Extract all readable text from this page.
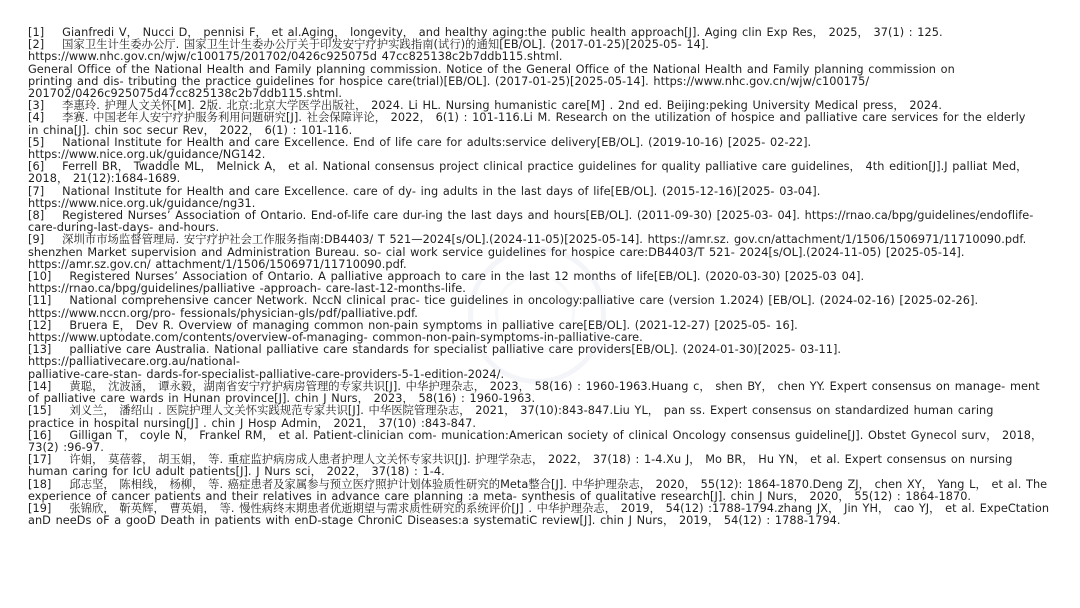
[1] Gianfredi V， Nucci D， pennisi F， et al.Aging， longevity， and healthy aging:the public health approach[J]. Aging clin Exp Res， 2025， 37(1) : 125.

[2] 国家卫生计生委办公厅. 国家卫生计生委办公厅关于印发安宁疗护实践指南(试行)的通知[EB/OL]. (2017-01-25)[2025-05- 14].

https://www.nhc.gov.cn/wjw/c100175/201702/0426c925075d 47cc825138c2b7ddb115.shtml.

General Office of the National Health and Family planning commission. Notice of the General Office of the National Health and Family planning commission on

printing and dis- tributing the practice guidelines for hospice care(trial)[EB/OL]. (2017-01-25)[2025-05-14]. https://www.nhc.gov.cn/wjw/c100175/

201702/0426c925075d47cc825138c2b7ddb115.shtml.

[3] 李惠玲. 护理人文关怀[M]. 2版. 北京:北京大学医学出版社， 2024. Li HL. Nursing humanistic care[M] . 2nd ed. Beijing:peking University Medical press， 2024.

[4] 李赛. 中国老年人安宁疗护服务利用问题研究[J]. 社会保障评论， 2022， 6(1) : 101-116.Li M. Research on the utilization of hospice and palliative care services for the elderly

in china[J]. chin soc secur Rev， 2022， 6(1) : 101-116.

[5] National Institute for Health and care Excellence. End of life care for adults:service delivery[EB/OL]. (2019-10-16) [2025- 02-22].

https://www.nice.org.uk/guidance/NG142.

[6] Ferrell BR， Twaddle ML， Melnick A， et al. National consensus project clinical practice guidelines for quality palliative care guidelines， 4th edition[J].J palliat Med，

2018， 21(12):1684-1689.

[7] National Institute for Health and care Excellence. care of dy- ing adults in the last days of life[EB/OL]. (2015-12-16)[2025- 03-04]. https://www.nice.org.uk/guidance/ng31.

[8] Registered Nurses’ Association of Ontario. End-of-life care dur-ing the last days and hours[EB/OL]. (2011-09-30) [2025-03- 04]. https://rnao.ca/bpg/guidelines/endoflife-

care-during-last-days- and-hours.

[9] 深圳市市场监督管理局. 安宁疗护社会工作服务指南:DB4403/ T 521—2024[s/OL].(2024-11-05)[2025-05-14]. https://amr.sz. gov.cn/attachment/1/1506/1506971/11710090.pdf.

shenzhen Market supervision and Administration Bureau. so- cial work service guidelines for hospice care:DB4403/T 521- 2024[s/OL].(2024-11-05) [2025-05-14].

https://amr.sz.gov.cn/ attachment/1/1506/1506971/11710090.pdf.

[10] Registered Nurses’ Association of Ontario. A palliative approach to care in the last 12 months of life[EB/OL]. (2020-03-30) [2025-03 04].

https://rnao.ca/bpg/guidelines/palliative -approach- care-last-12-months-life.

[11] National comprehensive cancer Network. NccN clinical prac- tice guidelines in oncology:palliative care (version 1.2024) [EB/OL]. (2024-02-16) [2025-02-26].

https://www.nccn.org/pro- fessionals/physician-gls/pdf/palliative.pdf.

[12] Bruera E， Dev R. Overview of managing common non-pain symptoms in palliative care[EB/OL]. (2021-12-27) [2025-05- 16].

https://www.uptodate.com/contents/overview-of-managing- common-non-pain-symptoms-in-palliative-care.

[13] palliative care Australia. National palliative care standards for specialist palliative care providers[EB/OL]. (2024-01-30)[2025- 03-11]. https://palliativecare.org.au/national-

palliative-care-stan- dards-for-specialist-palliative-care-providers-5-1-edition-2024/.

[14] 黄聪， 沈波涵， 谭永毅，湖南省安宁疗护病房管理的专家共识[J]. 中华护理杂志， 2023， 58(16) : 1960-1963.Huang c， shen BY， chen YY. Expert consensus on manage- ment

of palliative care wards in Hunan province[J]. chin J Nurs， 2023， 58(16) : 1960-1963.

[15] 刘义兰， 潘绍山 . 医院护理人文关怀实践规范专家共识[J]. 中华医院管理杂志， 2021， 37(10):843-847.Liu YL， pan ss. Expert consensus on standardized human caring

practice in hospital nursing[J] . chin J Hosp Admin， 2021， 37(10) :843-847.

[16] Gilligan T， coyle N， Frankel RM， et al. Patient-clinician com- munication:American society of clinical Oncology consensus guideline[J]. Obstet Gynecol surv， 2018，

73(2) :96-97.

[17] 许娟， 莫蓓蓉， 胡玉娟， 等. 重症监护病房成人患者护理人文关怀专家共识[J]. 护理学杂志， 2022， 37(18) : 1-4.Xu J， Mo BR， Hu YN， et al. Expert consensus on nursing

human caring for IcU adult patients[J]. J Nurs sci， 2022， 37(18) : 1-4.

[18] 邱志坚， 陈相线， 杨柳， 等. 癌症患者及家属参与预立医疗照护计划体验质性研究的Meta整合[J]. 中华护理杂志， 2020， 55(12): 1864-1870.Deng ZJ， chen XY， Yang L， et al. The

experience of cancer patients and their relatives in advance care planning :a meta- synthesis of qualitative research[J]. chin J Nurs， 2020， 55(12) : 1864-1870.

[19] 张锦欣， 靳英辉， 曹英娟， 等. 慢性病终末期患者优逝期望与需求质性研究的系统评价[J] . 中华护理杂志， 2019， 54(12) :1788-1794.zhang JX， Jin YH， cao YJ， et al. ExpeCtation

anD neeDs oF a gooD Death in patients with enD-stage ChroniC Diseases:a systematiC review[J]. chin J Nurs， 2019， 54(12) : 1788-1794.
